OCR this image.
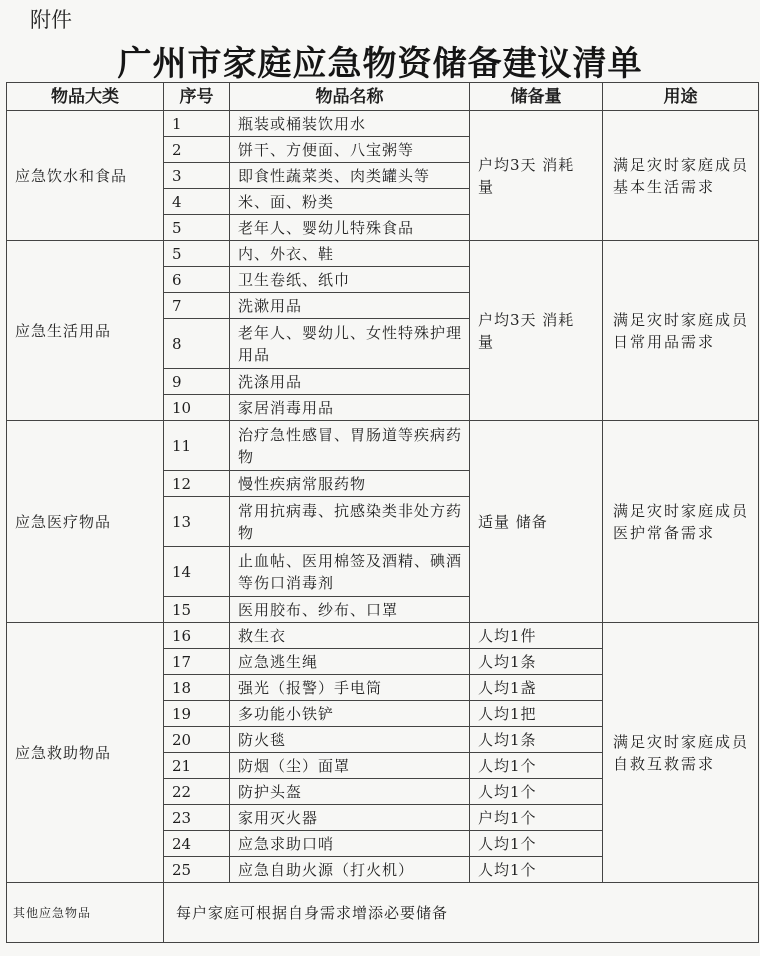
附件
广州市家庭应急物资储备建议清单
物品大类	序号	物品名称	储备量	用途
应急饮水和食品	1	瓶装或桶装饮用水	户均3天 消耗量	满足灾时家庭成员基本生活需求
	2	饼干、方便面、八宝粥等		
	3	即食性蔬菜类、肉类罐头等		
	4	米、面、粉类		
	5	老年人、婴幼儿特殊食品		
应急生活用品	5	内、外衣、鞋	户均3天 消耗量	满足灾时家庭成员日常用品需求
	6	卫生卷纸、纸巾		
	7	洗漱用品		
	8	老年人、婴幼儿、女性特殊护理用品		
	9	洗涤用品		
	10	家居消毒用品		
应急医疗物品	11	治疗急性感冒、胃肠道等疾病药物	适量 储备	满足灾时家庭成员医护常备需求
	12	慢性疾病常服药物		
	13	常用抗病毒、抗感染类非处方药物		
	14	止血帖、医用棉签及酒精、碘酒等伤口消毒剂		
	15	医用胶布、纱布、口罩		
应急救助物品	16	救生衣	人均1件	满足灾时家庭成员自救互救需求
	17	应急逃生绳	人均1条	
	18	强光（报警）手电筒	人均1盏	
	19	多功能小铁铲	人均1把	
	20	防火毯	人均1条	
	21	防烟（尘）面罩	人均1个	
	22	防护头盔	人均1个	
	23	家用灭火器	户均1个	
	24	应急求助口哨	人均1个	
	25	应急自助火源（打火机）	人均1个	
其他应急物品	每户家庭可根据自身需求增添必要储备			
